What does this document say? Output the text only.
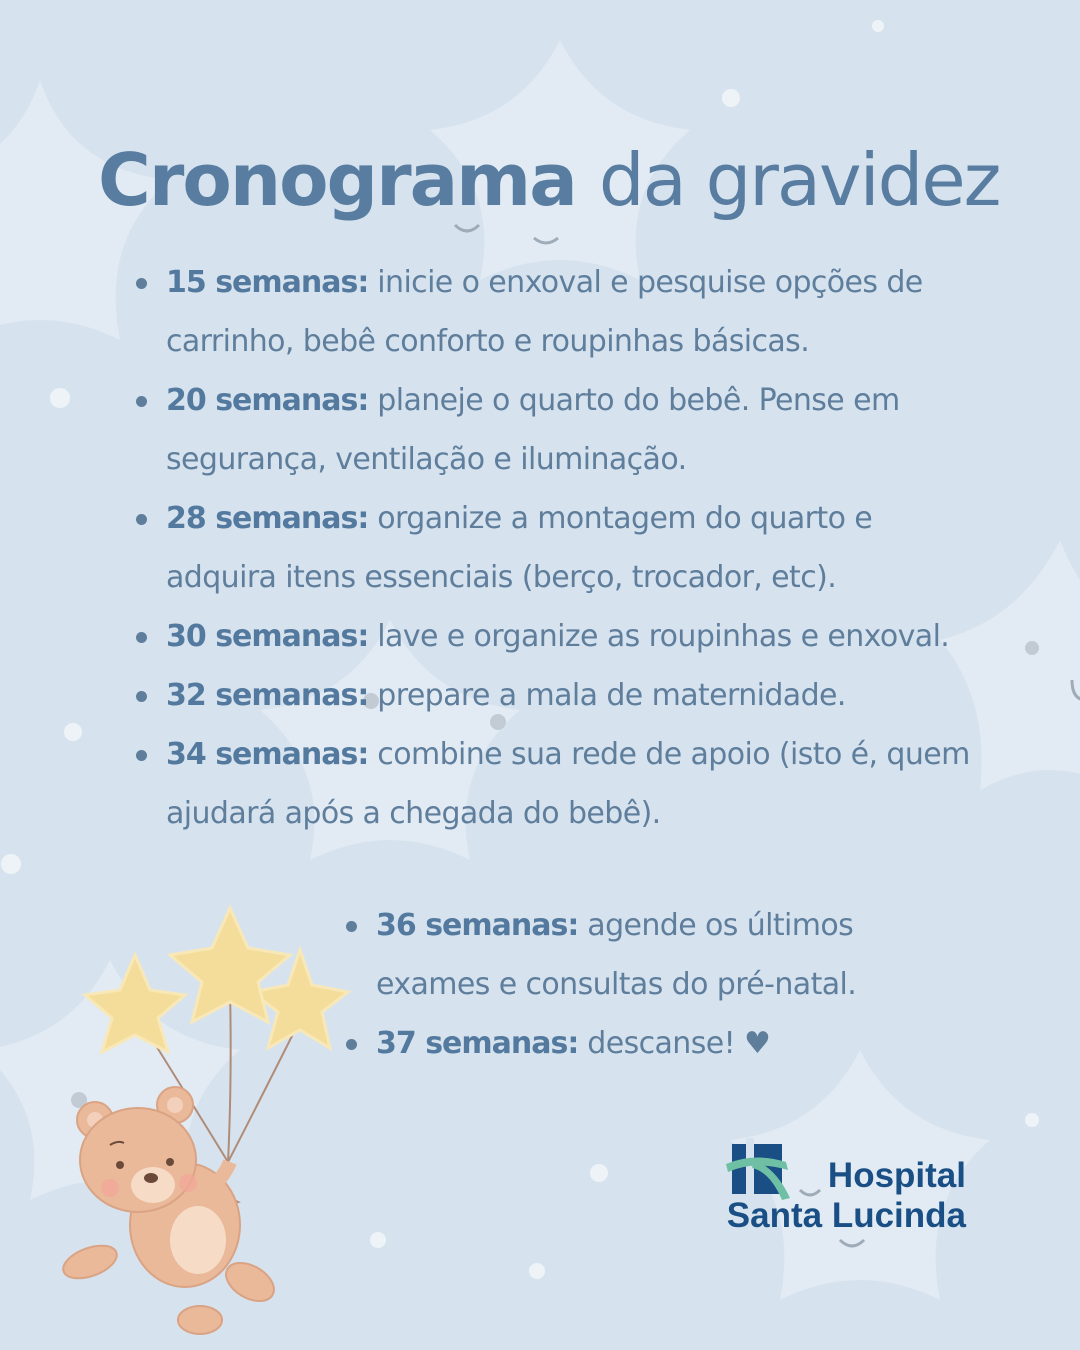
Cronograma da gravidez
15 semanas: inicie o enxoval e pesquise opções de carrinho, bebê conforto e roupinhas básicas.
20 semanas: planeje o quarto do bebê. Pense em segurança, ventilação e iluminação.
28 semanas: organize a montagem do quarto e adquira itens essenciais (berço, trocador, etc).
30 semanas: lave e organize as roupinhas e enxoval.
32 semanas: prepare a mala de maternidade.
34 semanas: combine sua rede de apoio (isto é, quem ajudará após a chegada do bebê).
36 semanas: agende os últimos exames e consultas do pré-natal.
37 semanas: descanse! ♥
Hospital
Santa Lucinda
